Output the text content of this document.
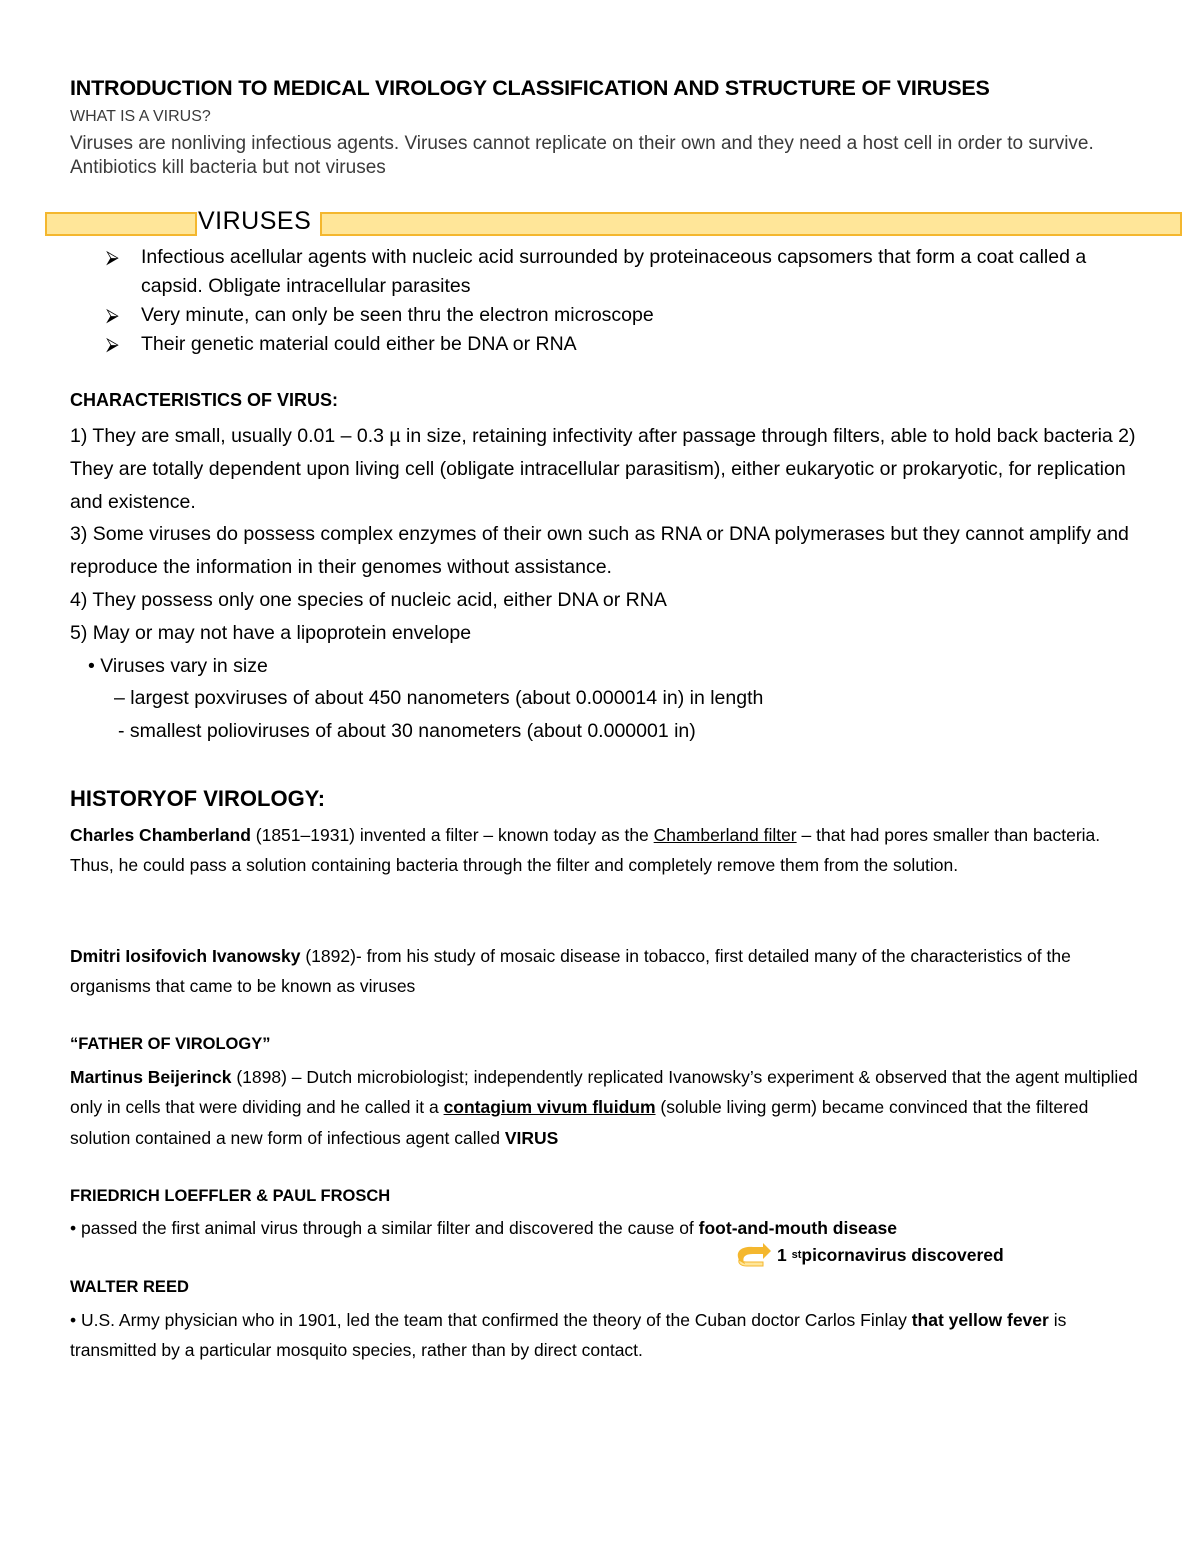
INTRODUCTION TO MEDICAL VIROLOGY CLASSIFICATION AND STRUCTURE OF VIRUSES
WHAT IS A VIRUS?
Viruses are nonliving infectious agents. Viruses cannot replicate on their own and they need a host cell in order to survive. Antibiotics kill bacteria but not viruses
VIRUSES
⮚	Infectious acellular agents with nucleic acid surrounded by proteinaceous capsomers that form a coat called a capsid. Obligate intracellular parasites
⮚	Very minute, can only be seen thru the electron microscope
⮚	Their genetic material could either be DNA or RNA
CHARACTERISTICS OF VIRUS:

1) They are small, usually 0.01 – 0.3 µ in size, retaining infectivity after passage through filters, able to hold back bacteria 2) They are totally dependent upon living cell (obligate intracellular parasitism), either eukaryotic or prokaryotic, for replication and existence.

3) Some viruses do possess complex enzymes of their own such as RNA or DNA polymerases but they cannot amplify and reproduce the information in their genomes without assistance.

4) They possess only one species of nucleic acid, either DNA or RNA

5) May or may not have a lipoprotein envelope

• Viruses vary in size

– largest poxviruses of about 450 nanometers (about 0.000014 in) in length

- smallest polioviruses of about 30 nanometers (about 0.000001 in)

HISTORYOF VIROLOGY:

Charles Chamberland (1851–1931) invented a filter – known today as the Chamberland filter – that had pores smaller than bacteria. Thus, he could pass a solution containing bacteria through the filter and completely remove them from the solution.

Dmitri Iosifovich Ivanowsky (1892)- from his study of mosaic disease in tobacco, first detailed many of the characteristics of the organisms that came to be known as viruses

“FATHER OF VIROLOGY”

Martinus Beijerinck (1898) – Dutch microbiologist; independently replicated Ivanowsky’s experiment & observed that the agent multiplied only in cells that were dividing and he called it a contagium vivum fluidum (soluble living germ) became convinced that the filtered solution contained a new form of infectious agent called VIRUS

FRIEDRICH LOEFFLER & PAUL FROSCH

• passed the first animal virus through a similar filter and discovered the cause of foot-and-mouth disease

1
st picornavirus discovered
WALTER REED

• U.S. Army physician who in 1901, led the team that confirmed the theory of the Cuban doctor Carlos Finlay that yellow fever is transmitted by a particular mosquito species, rather than by direct contact.
